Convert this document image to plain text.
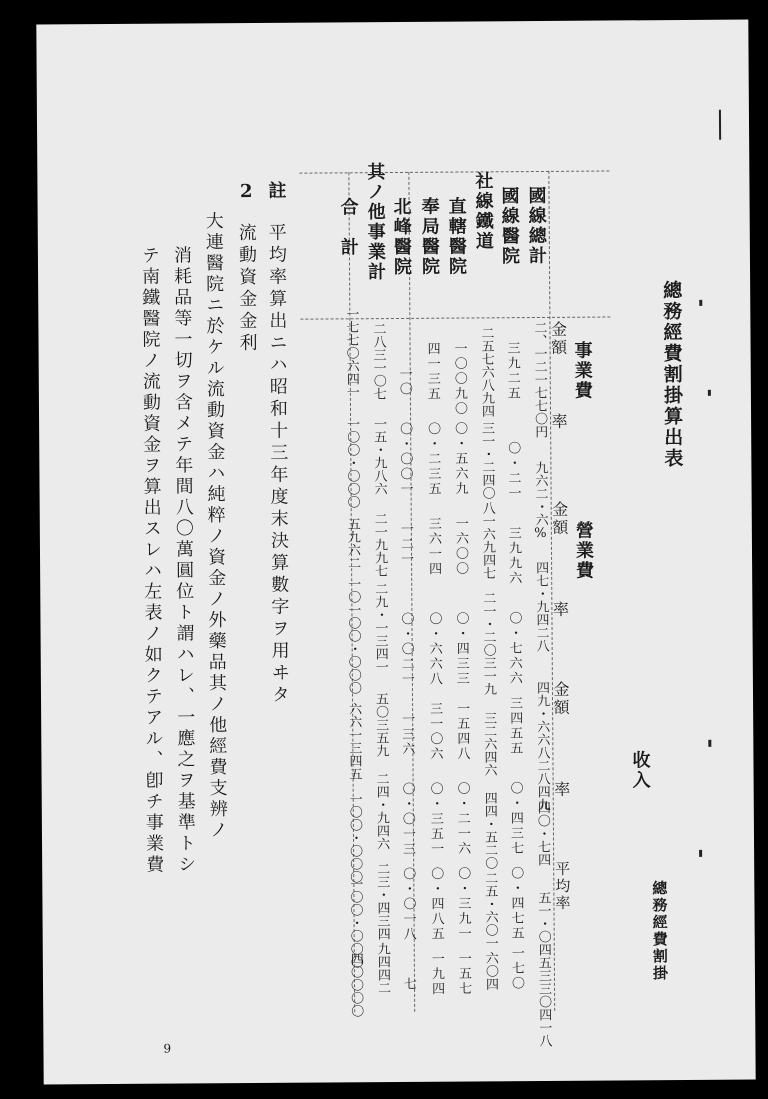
總務經費割掛算出表
收入
總務經費割掛
事業費
營業費
金額
率
金額
率
金額
率
平均率
國線總計
二、一二一七七〇円
九六二・六%
四七・九四二八
四九・六六八二八四九
四〇・七四
五一・〇四五三三〇四一八
國線醫院
三九二五
〇・二一
三九九六
〇・七六六
三四五五
〇・四三七
〇・四七五
一七〇
社線鐵道
二五七六八九四
三一・二四〇
八一六九四七
二一・二〇三一九
三二六四六
四四・五二〇
二五・六〇一
六〇四
直轄醫院
一〇〇九〇
〇・五六九
一六〇〇
〇・四三三
一五四八
〇・二一六
〇・三九一
一五七
奉局醫院
四一三五
〇・二三五
三六一四
〇・六六八
三一〇六
〇・三五一
〇・四八五
一九四
北峰醫院
一〇
〇・〇〇一
一二一
〇・〇二一
一三六
〇・〇一三
〇・〇一八
七
其ノ他事業計
二八三一〇七
一五・九八六
二一九九七
二九・一三四一
五〇三五九
二四・九四六
二三・四三四
九四四二
合計
一七七〇六四一
一〇〇・〇〇〇
五九六二
一〇一〇〇・〇〇〇
六六一三四五
一〇〇・〇〇〇
一〇〇・〇〇〇
四〇〇〇〇
註
平均率算出ニハ昭和十三年度末決算數字ヲ用ヰタ
2
流動資金金利
大連醫院ニ於ケル流動資金ハ純粹ノ資金ノ外藥品其ノ他經費支辨ノ
消耗品等一切ヲ含メテ年間八〇萬圓位ト謂ハレ、一應之ヲ基準トシ
テ南鐵醫院ノ流動資金ヲ算出スレハ左表ノ如クテアル、卽チ事業費
9
